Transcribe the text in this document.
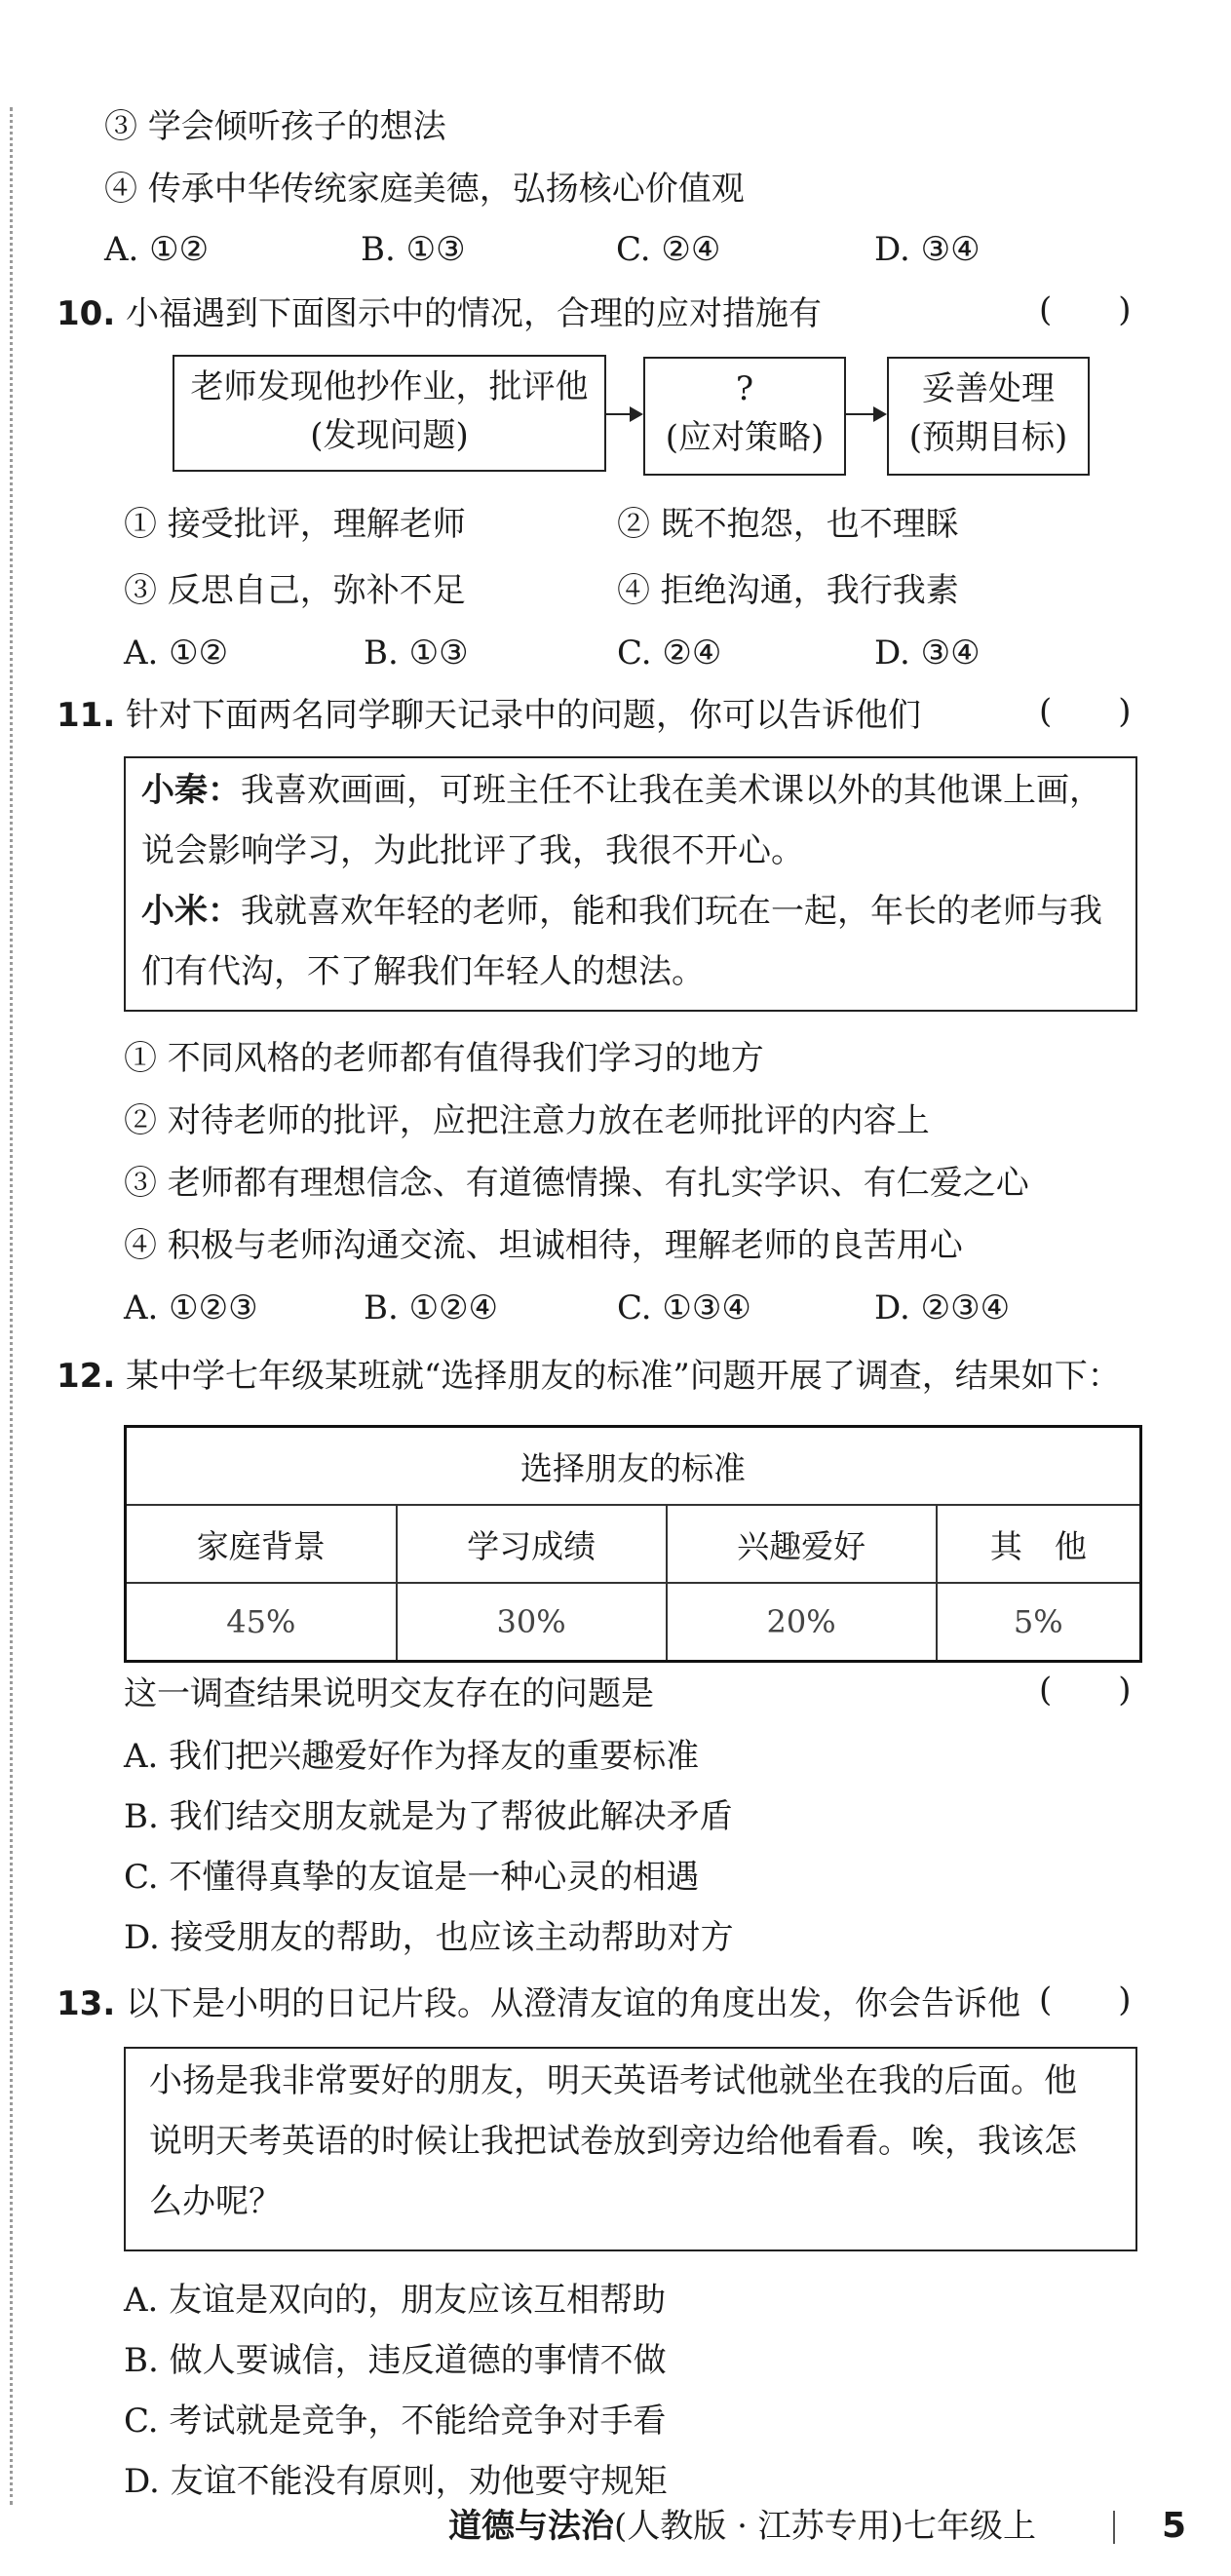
③ 学会倾听孩子的想法
④ 传承中华传统家庭美德，弘扬核心价值观
A. ①②	B. ①③	C. ②④	D. ③④
10. 小福遇到下面图示中的情况，合理的应对措施有	(　　)
老师发现他抄作业，批评他
(发现问题)
?
(应对策略)
妥善处理
(预期目标)
① 接受批评，理解老师	② 既不抱怨，也不理睬
③ 反思自己，弥补不足	④ 拒绝沟通，我行我素
A. ①②	B. ①③	C. ②④	D. ③④
11. 针对下面两名同学聊天记录中的问题，你可以告诉他们	(　　)
小秦：我喜欢画画，可班主任不让我在美术课以外的其他课上画，
说会影响学习，为此批评了我，我很不开心。
小米：我就喜欢年轻的老师，能和我们玩在一起，年长的老师与我
们有代沟，不了解我们年轻人的想法。
① 不同风格的老师都有值得我们学习的地方
② 对待老师的批评，应把注意力放在老师批评的内容上
③ 老师都有理想信念、有道德情操、有扎实学识、有仁爱之心
④ 积极与老师沟通交流、坦诚相待，理解老师的良苦用心
A. ①②③	B. ①②④	C. ①③④	D. ②③④
12. 某中学七年级某班就“选择朋友的标准”问题开展了调查，结果如下：
选择朋友的标准			
家庭背景	学习成绩	兴趣爱好	其　他
45%	30%	20%	5%
这一调查结果说明交友存在的问题是	(　　)
A. 我们把兴趣爱好作为择友的重要标准
B. 我们结交朋友就是为了帮彼此解决矛盾
C. 不懂得真挚的友谊是一种心灵的相遇
D. 接受朋友的帮助，也应该主动帮助对方
13. 以下是小明的日记片段。从澄清友谊的角度出发，你会告诉他 (　　)
小扬是我非常要好的朋友，明天英语考试他就坐在我的后面。他
说明天考英语的时候让我把试卷放到旁边给他看看。唉，我该怎
么办呢？
A. 友谊是双向的，朋友应该互相帮助
B. 做人要诚信，违反道德的事情不做
C. 考试就是竞争，不能给竞争对手看
D. 友谊不能没有原则，劝他要守规矩
道德与法治(人教版 · 江苏专用)七年级上	5
